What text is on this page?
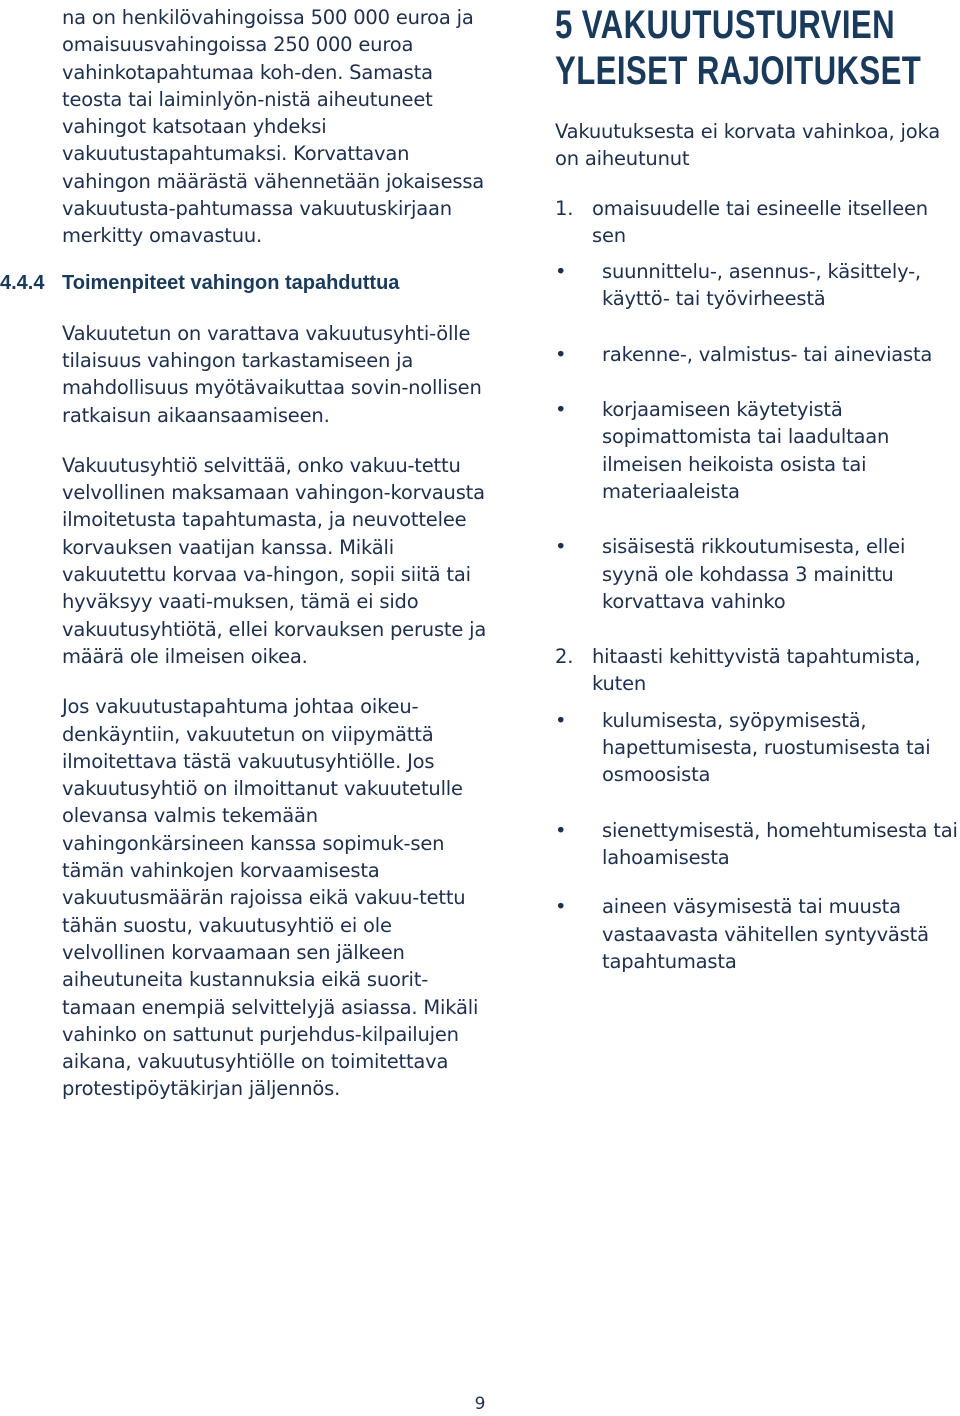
na on henkilövahingoissa 500 000 euroa ja omaisuusvahingoissa 250 000 euroa vahinkotapahtumaa koh-den. Samasta teosta tai laiminlyön-nistä aiheutuneet vahingot katsotaan yhdeksi vakuutustapahtumaksi. Korvattavan vahingon määrästä vähennetään jokaisessa vakuutusta-pahtumassa vakuutuskirjaan merkitty omavastuu.

4.4.4 Toimenpiteet vahingon tapahduttua

Vakuutetun on varattava vakuutusyhti-ölle tilaisuus vahingon tarkastamiseen ja mahdollisuus myötävaikuttaa sovin-nollisen ratkaisun aikaansaamiseen.

Vakuutusyhtiö selvittää, onko vakuu-tettu velvollinen maksamaan vahingon-korvausta ilmoitetusta tapahtumasta, ja neuvottelee korvauksen vaatijan kanssa. Mikäli vakuutettu korvaa va-hingon, sopii siitä tai hyväksyy vaati-muksen, tämä ei sido vakuutusyhtiötä, ellei korvauksen peruste ja määrä ole ilmeisen oikea.

Jos vakuutustapahtuma johtaa oikeu-denkäyntiin, vakuutetun on viipymättä ilmoitettava tästä vakuutusyhtiölle. Jos vakuutusyhtiö on ilmoittanut vakuutetulle olevansa valmis tekemään vahingonkärsineen kanssa sopimuk-sen tämän vahinkojen korvaamisesta vakuutusmäärän rajoissa eikä vakuu-tettu tähän suostu, vakuutusyhtiö ei ole velvollinen korvaamaan sen jälkeen aiheutuneita kustannuksia eikä suorit-tamaan enempiä selvittelyjä asiassa. Mikäli vahinko on sattunut purjehdus-kilpailujen aikana, vakuutusyhtiölle on toimitettava protestipöytäkirjan jäljennös.

5 VAKUUTUSTURVIEN
YLEISET RAJOITUKSET

Vakuutuksesta ei korvata vahinkoa, joka on aiheutunut

1. omaisuudelle tai esineelle itselleen sen
• suunnittelu-, asennus-, käsittely-, käyttö- tai työvirheestä
• rakenne-, valmistus- tai aineviasta
• korjaamiseen käytetyistä sopimattomista tai laadultaan ilmeisen heikoista osista tai materiaaleista
• sisäisestä rikkoutumisesta, ellei syynä ole kohdassa 3 mainittu korvattava vahinko
2. hitaasti kehittyvistä tapahtumista, kuten
• kulumisesta, syöpymisestä, hapettumisesta, ruostumisesta tai osmoosista
• sienettymisestä, homehtumisesta tai lahoamisesta
• aineen väsymisestä tai muusta vastaavasta vähitellen syntyvästä tapahtumasta
9
